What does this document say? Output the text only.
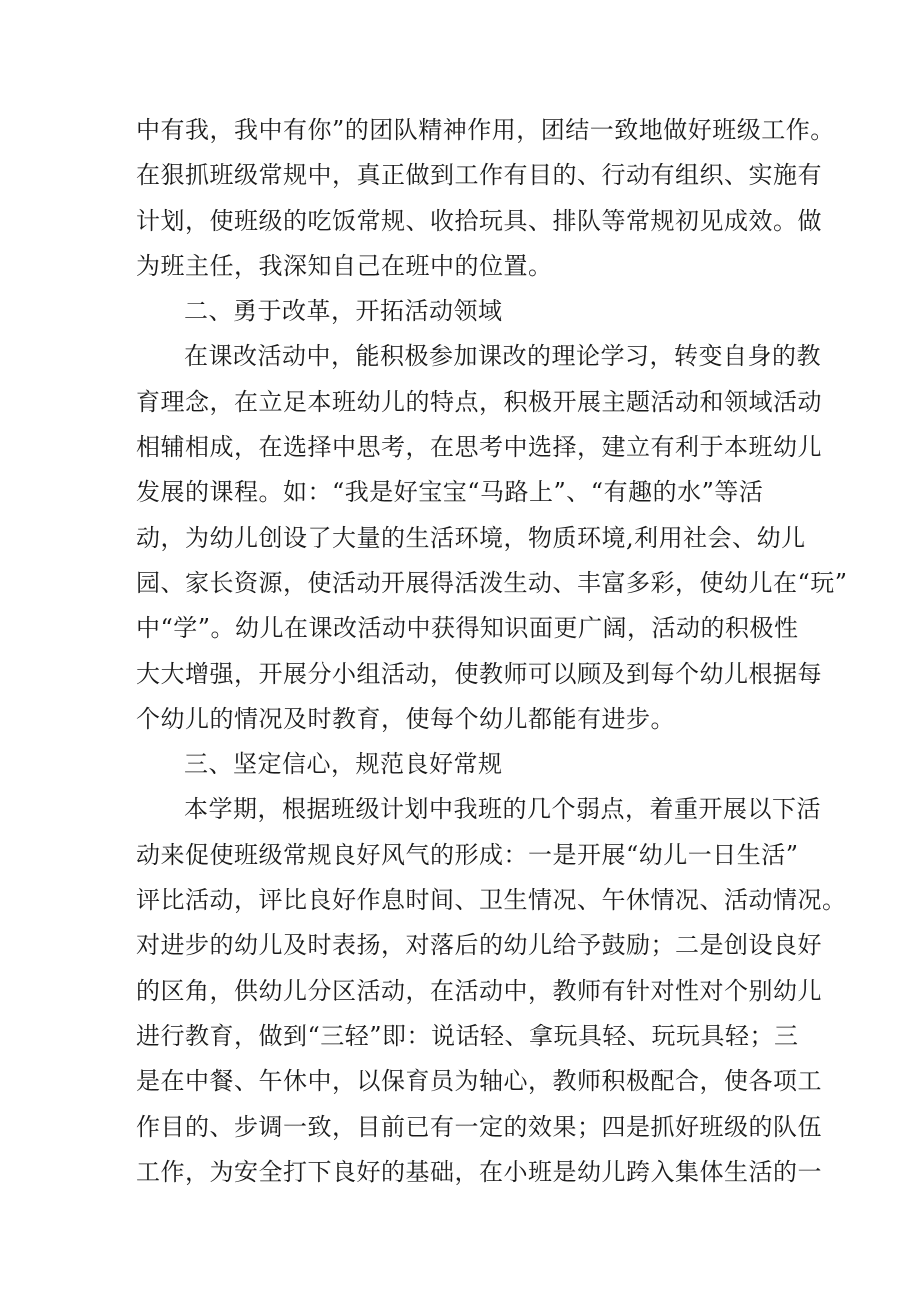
中有我，我中有你”的团队精神作用，团结一致地做好班级工作。
在狠抓班级常规中，真正做到工作有目的、行动有组织、实施有
计划，使班级的吃饭常规、收拾玩具、排队等常规初见成效。做
为班主任，我深知自己在班中的位置。
二、勇于改革，开拓活动领域
在课改活动中，能积极参加课改的理论学习，转变自身的教
育理念，在立足本班幼儿的特点，积极开展主题活动和领域活动
相辅相成，在选择中思考，在思考中选择，建立有利于本班幼儿
发展的课程。如：“我是好宝宝“马路上”、“有趣的水”等活
动，为幼儿创设了大量的生活环境，物质环境,利用社会、幼儿
园、家长资源，使活动开展得活泼生动、丰富多彩，使幼儿在“玩”
中“学”。幼儿在课改活动中获得知识面更广阔，活动的积极性
大大增强，开展分小组活动，使教师可以顾及到每个幼儿根据每
个幼儿的情况及时教育，使每个幼儿都能有进步。
三、坚定信心，规范良好常规
本学期，根据班级计划中我班的几个弱点，着重开展以下活
动来促使班级常规良好风气的形成：一是开展“幼儿一日生活”
评比活动，评比良好作息时间、卫生情况、午休情况、活动情况。
对进步的幼儿及时表扬，对落后的幼儿给予鼓励；二是创设良好
的区角，供幼儿分区活动，在活动中，教师有针对性对个别幼儿
进行教育，做到“三轻”即：说话轻、拿玩具轻、玩玩具轻；三
是在中餐、午休中，以保育员为轴心，教师积极配合，使各项工
作目的、步调一致，目前已有一定的效果；四是抓好班级的队伍
工作，为安全打下良好的基础，在小班是幼儿跨入集体生活的一
